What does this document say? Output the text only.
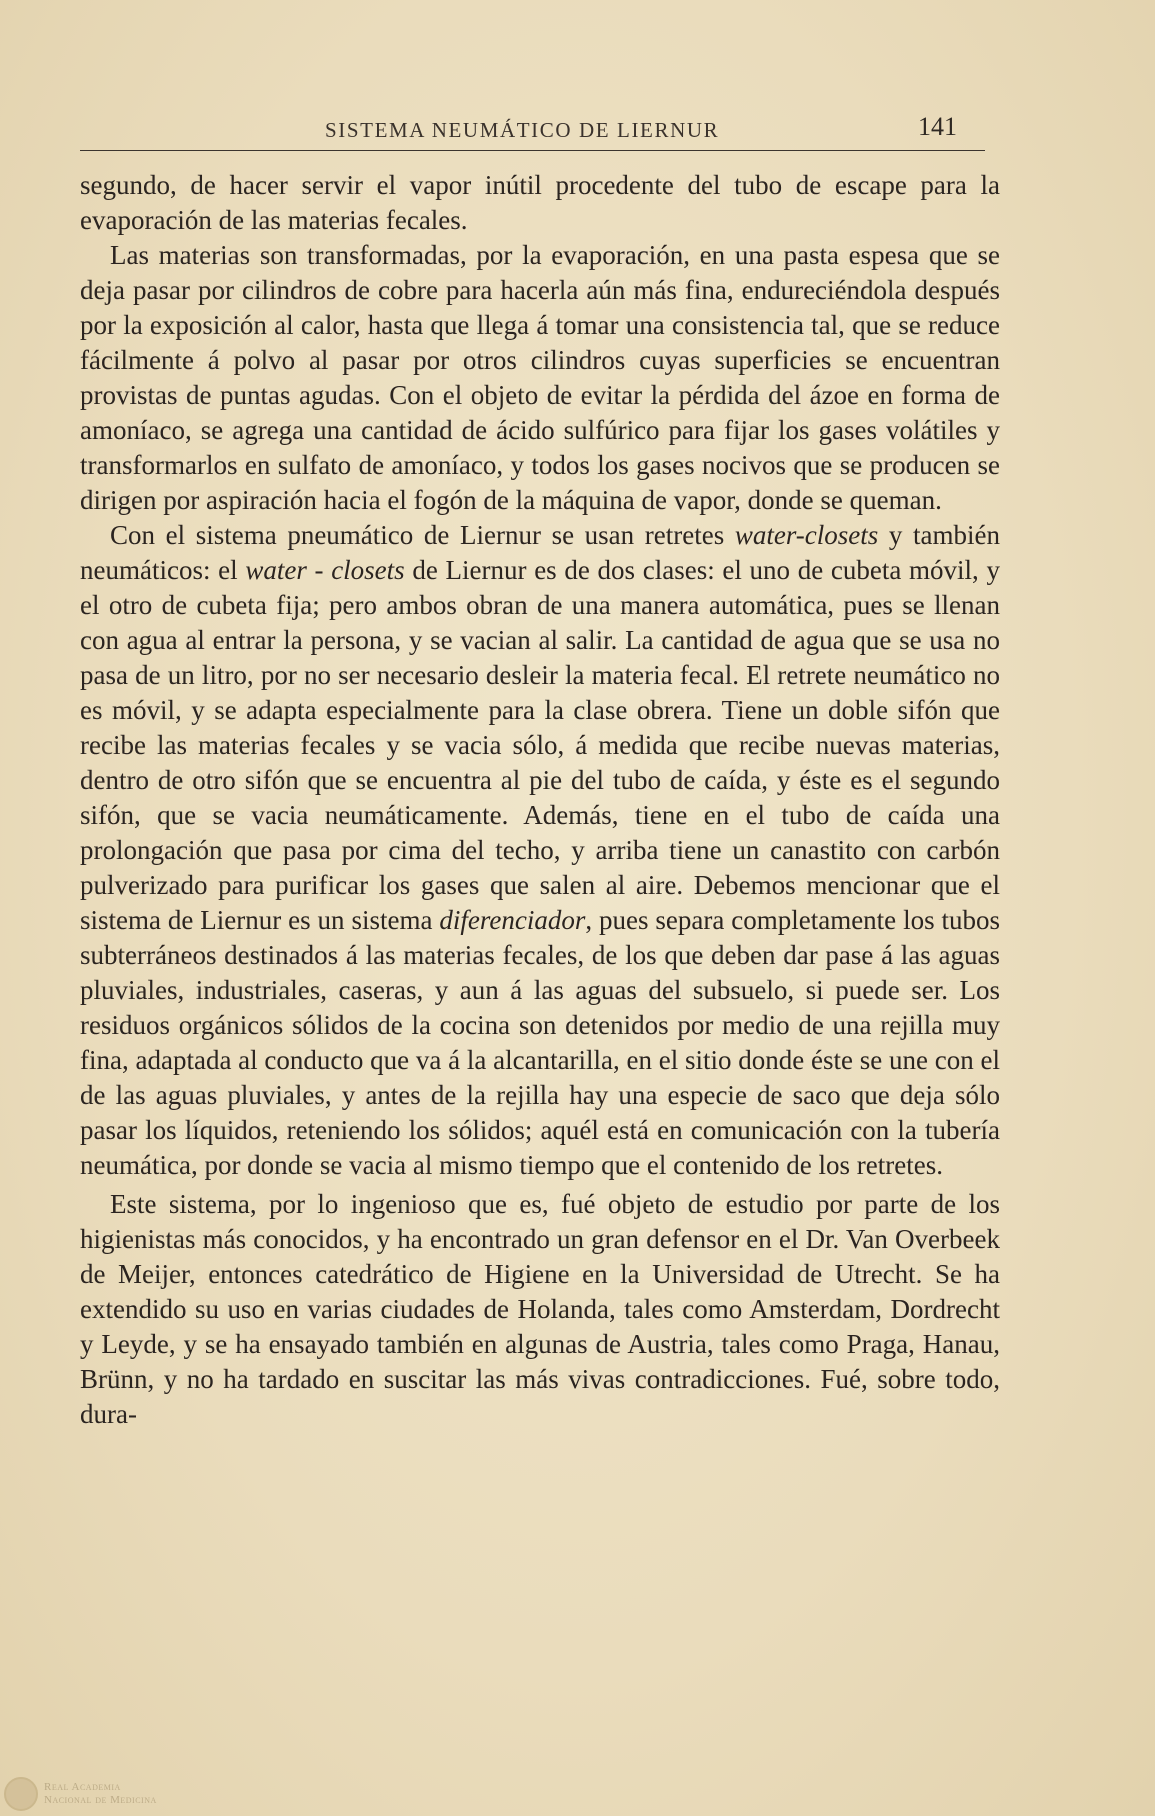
SISTEMA NEUMÁTICO DE LIERNUR	141

segundo, de hacer servir el vapor inútil procedente del tubo de escape para la evaporación de las materias fecales.

Las materias son transformadas, por la evaporación, en una pasta espesa que se deja pasar por cilindros de cobre para hacerla aún más fina, endureciéndola después por la exposición al calor, hasta que llega á tomar una consistencia tal, que se reduce fácilmente á polvo al pasar por otros cilindros cuyas superficies se encuentran provistas de puntas agudas. Con el objeto de evitar la pérdida del ázoe en forma de amoníaco, se agrega una cantidad de ácido sulfúrico para fijar los gases volátiles y transformarlos en sulfato de amoníaco, y todos los gases nocivos que se producen se dirigen por aspiración hacia el fogón de la máquina de vapor, donde se queman.

Con el sistema pneumático de Liernur se usan retretes water-closets y también neumáticos: el water - closets de Liernur es de dos clases: el uno de cubeta móvil, y el otro de cubeta fija; pero ambos obran de una manera automática, pues se llenan con agua al entrar la persona, y se vacian al salir. La cantidad de agua que se usa no pasa de un litro, por no ser necesario desleir la materia fecal. El retrete neumático no es móvil, y se adapta especialmente para la clase obrera. Tiene un doble sifón que recibe las materias fecales y se vacia sólo, á medida que recibe nuevas materias, dentro de otro sifón que se encuentra al pie del tubo de caída, y éste es el segundo sifón, que se vacia neumáticamente. Además, tiene en el tubo de caída una prolongación que pasa por cima del techo, y arriba tiene un canastito con carbón pulverizado para purificar los gases que salen al aire. Debemos mencionar que el sistema de Liernur es un sistema diferenciador, pues separa completamente los tubos subterráneos destinados á las materias fecales, de los que deben dar pase á las aguas pluviales, industriales, caseras, y aun á las aguas del subsuelo, si puede ser. Los residuos orgánicos sólidos de la cocina son detenidos por medio de una rejilla muy fina, adaptada al conducto que va á la alcantarilla, en el sitio donde éste se une con el de las aguas pluviales, y antes de la rejilla hay una especie de saco que deja sólo pasar los líquidos, reteniendo los sólidos; aquél está en comunicación con la tubería neumática, por donde se vacia al mismo tiempo que el contenido de los retretes.

Este sistema, por lo ingenioso que es, fué objeto de estudio por parte de los higienistas más conocidos, y ha encontrado un gran defensor en el Dr. Van Overbeek de Meijer, entonces catedrático de Higiene en la Universidad de Utrecht. Se ha extendido su uso en varias ciudades de Holanda, tales como Amsterdam, Dordrecht y Leyde, y se ha ensayado también en algunas de Austria, tales como Praga, Hanau, Brünn, y no ha tardado en suscitar las más vivas contradicciones. Fué, sobre todo, dura-

Real Academia
Nacional de Medicina
